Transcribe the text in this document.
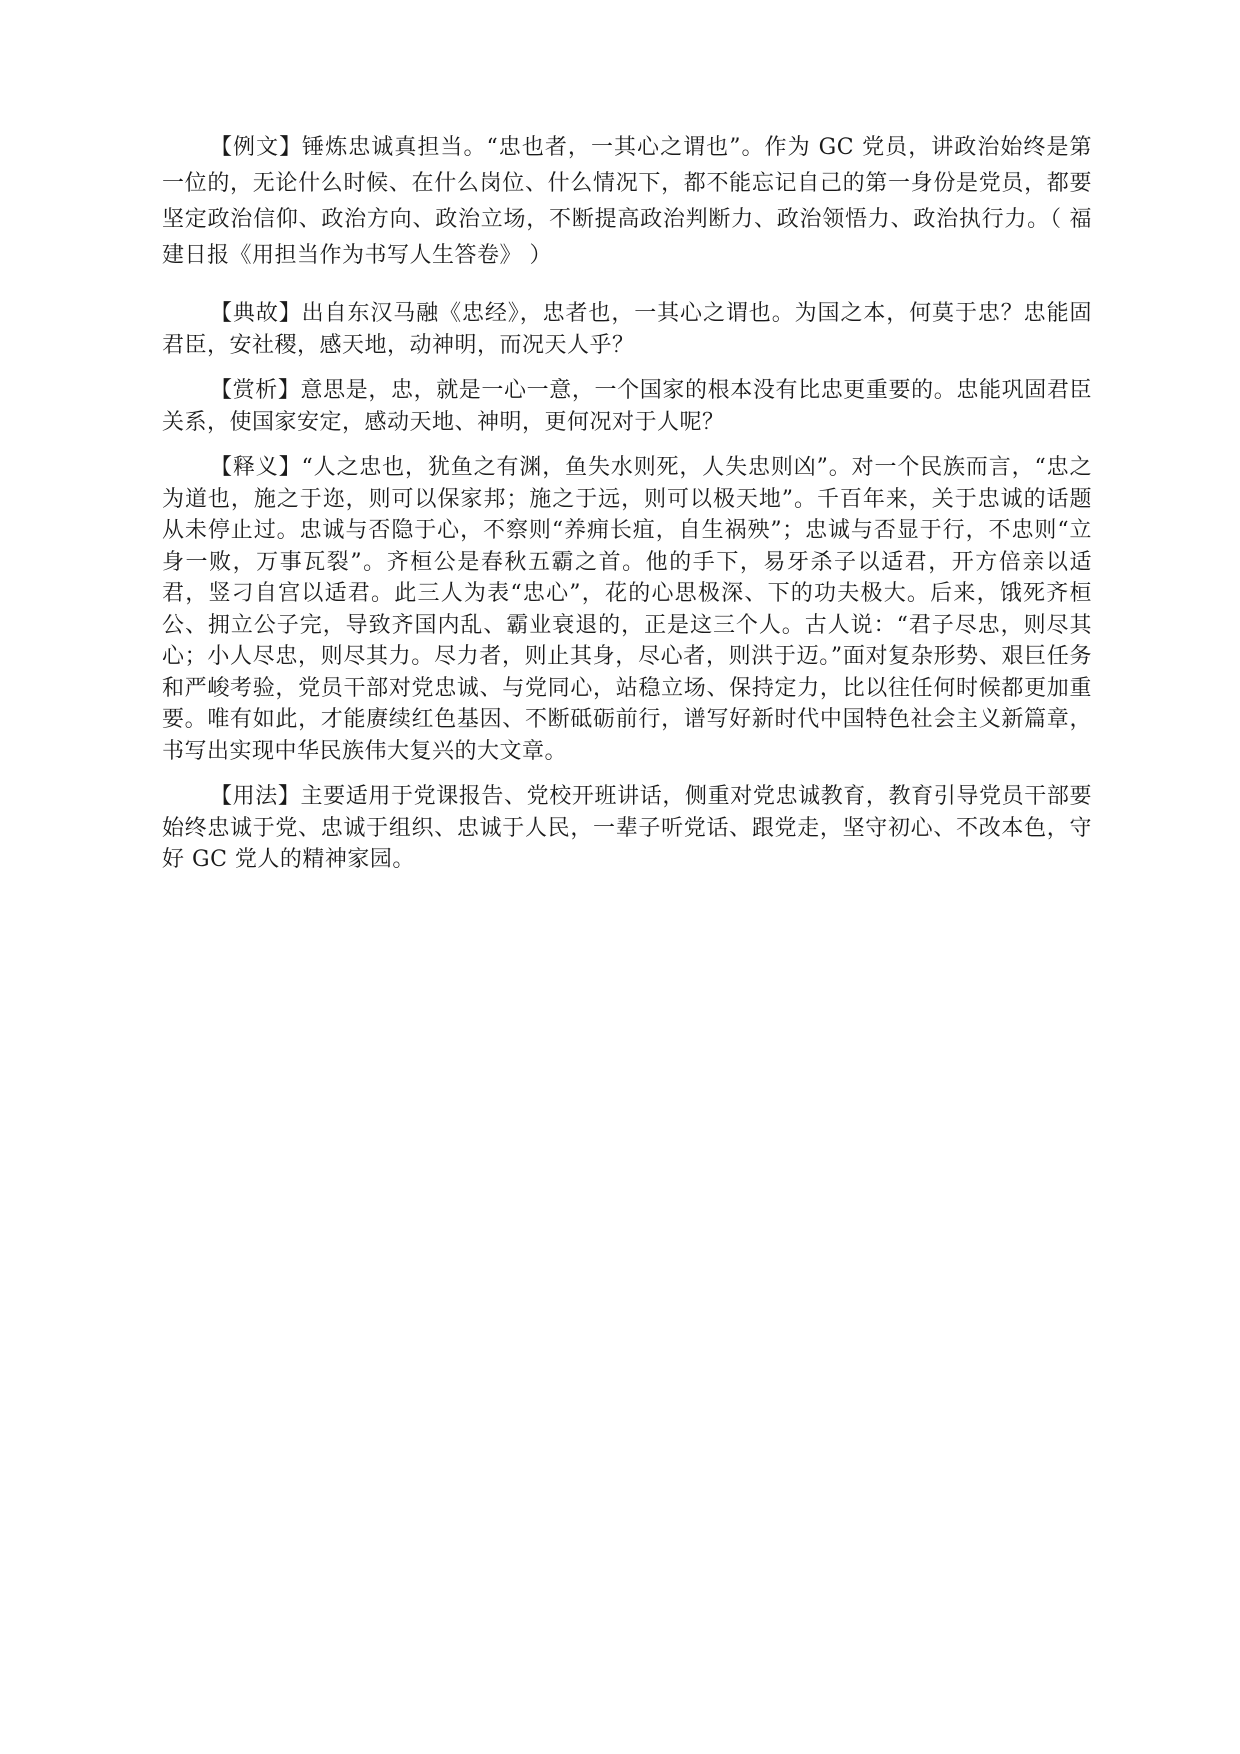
【例文】锤炼忠诚真担当。“忠也者，一其心之谓也”。作为 GC 党员，讲政治始终是第一位的，无论什么时候、在什么岗位、什么情况下，都不能忘记自己的第一身份是党员，都要坚定政治信仰、政治方向、政治立场，不断提高政治判断力、政治领悟力、政治执行力。（ 福建日报《用担当作为书写人生答卷》 ）

【典故】出自东汉马融《忠经》，忠者也，一其心之谓也。为国之本，何莫于忠？忠能固君臣，安社稷，感天地，动神明，而况天人乎？

【赏析】意思是，忠，就是一心一意，一个国家的根本没有比忠更重要的。忠能巩固君臣关系，使国家安定，感动天地、神明，更何况对于人呢？

【释义】“人之忠也，犹鱼之有渊，鱼失水则死，人失忠则凶”。对一个民族而言，“忠之为道也，施之于迩，则可以保家邦；施之于远，则可以极天地”。千百年来，关于忠诚的话题从未停止过。忠诚与否隐于心，不察则“养痈长疽，自生祸殃”；忠诚与否显于行，不忠则“立身一败，万事瓦裂”。齐桓公是春秋五霸之首。他的手下，易牙杀子以适君，开方倍亲以适君，竖刁自宫以适君。此三人为表“忠心”，花的心思极深、下的功夫极大。后来，饿死齐桓公、拥立公子完，导致齐国内乱、霸业衰退的，正是这三个人。古人说：“君子尽忠，则尽其心；小人尽忠，则尽其力。尽力者，则止其身，尽心者，则洪于迈。”面对复杂形势、艰巨任务和严峻考验，党员干部对党忠诚、与党同心，站稳立场、保持定力，比以往任何时候都更加重要。唯有如此，才能赓续红色基因、不断砥砺前行，谱写好新时代中国特色社会主义新篇章，书写出实现中华民族伟大复兴的大文章。

【用法】主要适用于党课报告、党校开班讲话，侧重对党忠诚教育，教育引导党员干部要始终忠诚于党、忠诚于组织、忠诚于人民，一辈子听党话、跟党走，坚守初心、不改本色，守好 GC 党人的精神家园。
